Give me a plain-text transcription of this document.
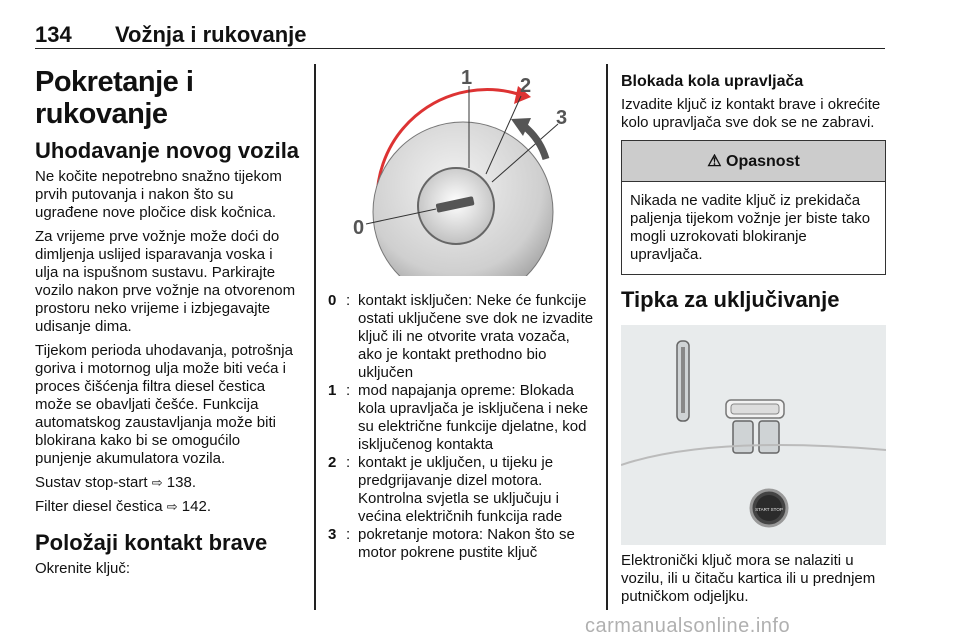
134 Vožnja i rukovanje
Pokretanje i rukovanje
Uhodavanje novog vozila

Ne kočite nepotrebno snažno tijekom prvih putovanja i nakon što su ugrađene nove pločice disk kočnica.

Za vrijeme prve vožnje može doći do dimljenja uslijed isparavanja voska i ulja na ispušnom sustavu. Parkirajte vozilo nakon prve vožnje na otvorenom prostoru neko vrijeme i izbjegavajte udisanje dima.

Tijekom perioda uhodavanja, potrošnja goriva i motornog ulja može biti veća i proces čišćenja filtra diesel čestica može se obavljati češće. Funkcija automatskog zaustavljanja može biti blokirana kako bi se omogućilo punjenje akumulatora vozila.

Sustav stop-start ⇨ 138.

Filter diesel čestica ⇨ 142.

Položaji kontakt brave

Okrenite ključ:

0
1 2
3
0 : kontakt isključen: Neke će funkcije ostati uključene sve dok ne izvadite ključ ili ne otvorite vrata vozača, ako je kontakt prethodno bio uključen
1 : mod napajanja opreme: Blokada kola upravljača je isključena i neke su električne funkcije djelatne, kod isključenog kontakta
2 : kontakt je uključen, u tijeku je predgrijavanje dizel motora. Kontrolna svjetla se uključuju i većina električnih funkcija rade
3 : pokretanje motora: Nakon što se motor pokrene pustite ključ
Blokada kola upravljača

Izvadite ključ iz kontakt brave i okrećite kolo upravljača sve dok se ne zabravi.

⚠ Opasnost
Nikada ne vadite ključ iz prekidača paljenja tijekom vožnje jer biste tako mogli uzrokovati blokiranje upravljača.
Tipka za uključivanje
START STOP

Elektronički ključ mora se nalaziti u vozilu, ili u čitaču kartica ili u prednjem putničkom odjeljku.

carmanualsonline.info
